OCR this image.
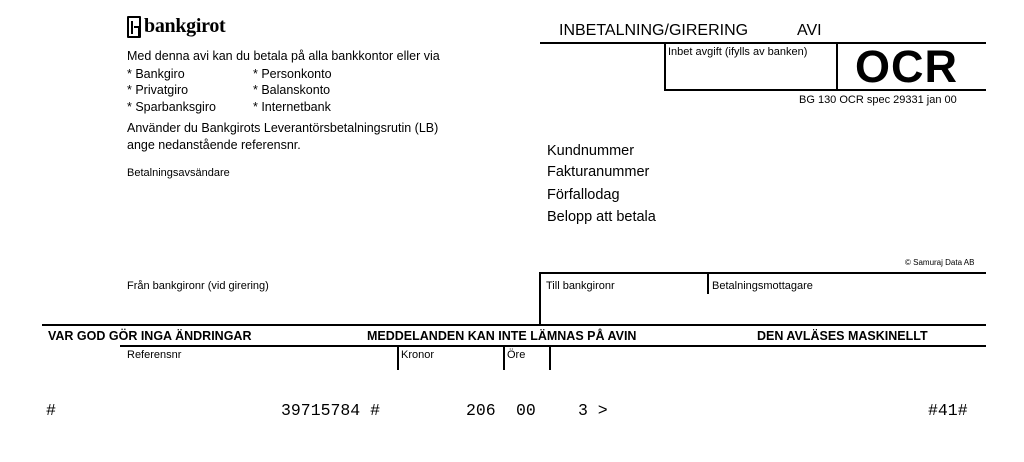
bankgirot	INBETALNING/GIRERING	AVI
Inbet avgift (ifylls av banken) OCR
BG 130 OCR spec 29331 jan 00
Med denna avi kan du betala på alla bankkontor eller via
* Bankgiro
* Privatgiro
* Sparbanksgiro
* Personkonto
* Balanskonto
* Internetbank
Använder du Bankgirots Leverantörsbetalningsrutin (LB)
ange nedanstående referensnr.
Betalningsavsändare
Kundnummer
Fakturanummer
Förfallodag
Belopp att betala
© Samuraj Data AB
Från bankgironr (vid girering)	Till bankgironr	Betalningsmottagare
VAR GOD GÖR INGA ÄNDRINGAR	MEDDELANDEN KAN INTE LÄMNAS PÅ AVIN	DEN AVLÄSES MASKINELLT
Referensnr	Kronor	Öre
#	39715784 #	206 00	3 >	#41#
